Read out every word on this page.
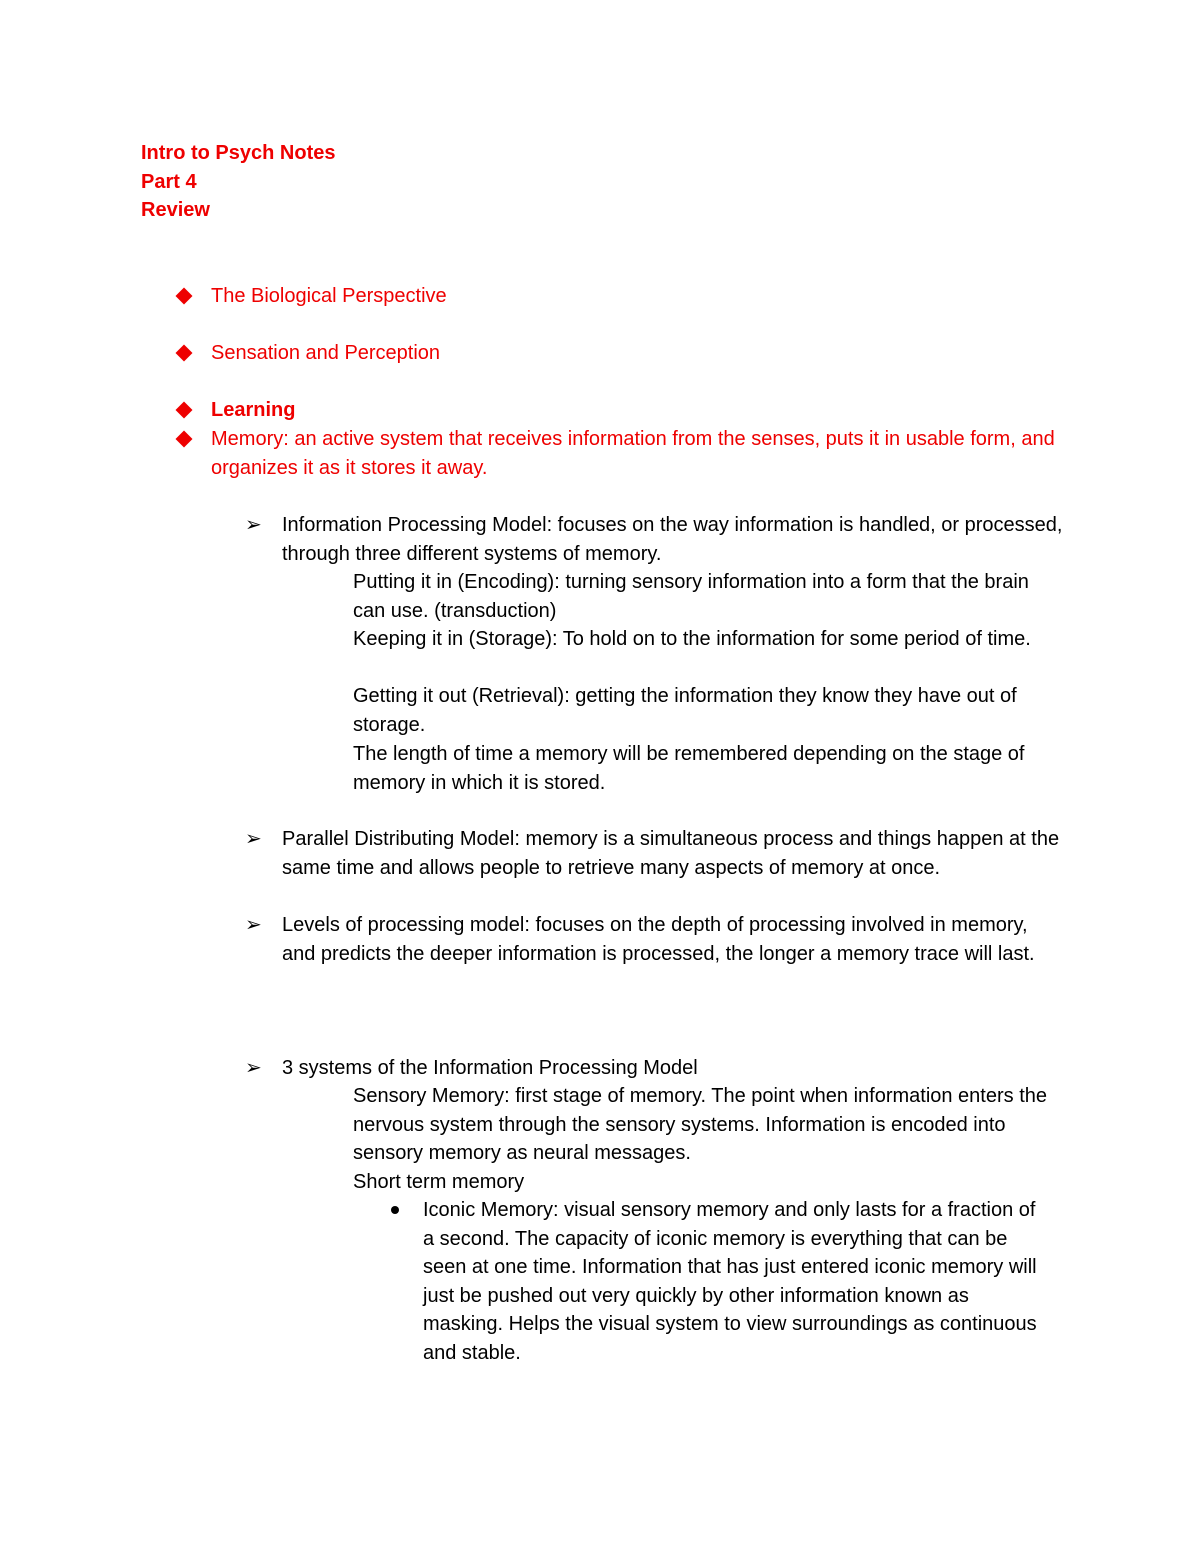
Intro to Psych Notes
Part 4
Review
The Biological Perspective
Sensation and Perception
Learning
Memory: an active system that receives information from the senses, puts it in usable form, and organizes it as it stores it away.
➢ Information Processing Model: focuses on the way information is handled, or processed, through three different systems of memory.
Putting it in (Encoding): turning sensory information into a form that the brain can use. (transduction)
Keeping it in (Storage): To hold on to the information for some period of time.
Getting it out (Retrieval): getting the information they know they have out of storage.
The length of time a memory will be remembered depending on the stage of memory in which it is stored.
➢ Parallel Distributing Model: memory is a simultaneous process and things happen at the same time and allows people to retrieve many aspects of memory at once.
➢ Levels of processing model: focuses on the depth of processing involved in memory, and predicts the deeper information is processed, the longer a memory trace will last.
➢ 3 systems of the Information Processing Model
Sensory Memory: first stage of memory. The point when information enters the nervous system through the sensory systems. Information is encoded into sensory memory as neural messages.
Short term memory
Iconic Memory: visual sensory memory and only lasts for a fraction of a second. The capacity of iconic memory is everything that can be seen at one time. Information that has just entered iconic memory will just be pushed out very quickly by other information known as masking. Helps the visual system to view surroundings as continuous and stable.
